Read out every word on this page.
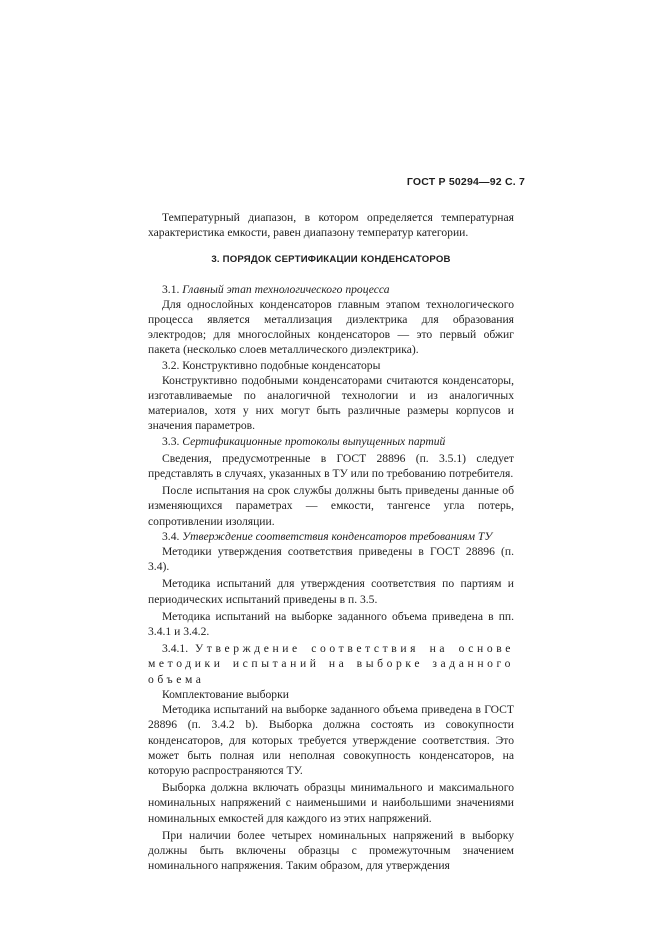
ГОСТ Р 50294—92 С. 7

Температурный диапазон, в котором определяется температурная характеристика емкости, равен диапазону температур категории.

3. ПОРЯДОК СЕРТИФИКАЦИИ КОНДЕНСАТОРОВ

3.1. Главный этап технологического процесса

Для однослойных конденсаторов главным этапом технологического процесса является металлизация диэлектрика для образования электродов; для многослойных конденсаторов — это первый обжиг пакета (несколько слоев металлического диэлектрика).

3.2. Конструктивно подобные конденсаторы

Конструктивно подобными конденсаторами считаются конденсаторы, изготавливаемые по аналогичной технологии и из аналогичных материалов, хотя у них могут быть различные размеры корпусов и значения параметров.

3.3. Сертификационные протоколы выпущенных партий

Сведения, предусмотренные в ГОСТ 28896 (п. 3.5.1) следует представлять в случаях, указанных в ТУ или по требованию потребителя.

После испытания на срок службы должны быть приведены данные об изменяющихся параметрах — емкости, тангенсе угла потерь, сопротивлении изоляции.

3.4. Утверждение соответствия конденсаторов требованиям ТУ

Методики утверждения соответствия приведены в ГОСТ 28896 (п. 3.4).

Методика испытаний для утверждения соответствия по партиям и периодических испытаний приведены в п. 3.5.

Методика испытаний на выборке заданного объема приведена в пп. 3.4.1 и 3.4.2.

3.4.1. Утверждение соответствия на основе методики испытаний на выборке заданного объема

Комплектование выборки

Методика испытаний на выборке заданного объема приведена в ГОСТ 28896 (п. 3.4.2 b). Выборка должна состоять из совокупности конденсаторов, для которых требуется утверждение соответствия. Это может быть полная или неполная совокупность конденсаторов, на которую распространяются ТУ.

Выборка должна включать образцы минимального и максимального номинальных напряжений с наименьшими и наибольшими значениями номинальных емкостей для каждого из этих напряжений.

При наличии более четырех номинальных напряжений в выборку должны быть включены образцы с промежуточным значением номинального напряжения. Таким образом, для утверждения
